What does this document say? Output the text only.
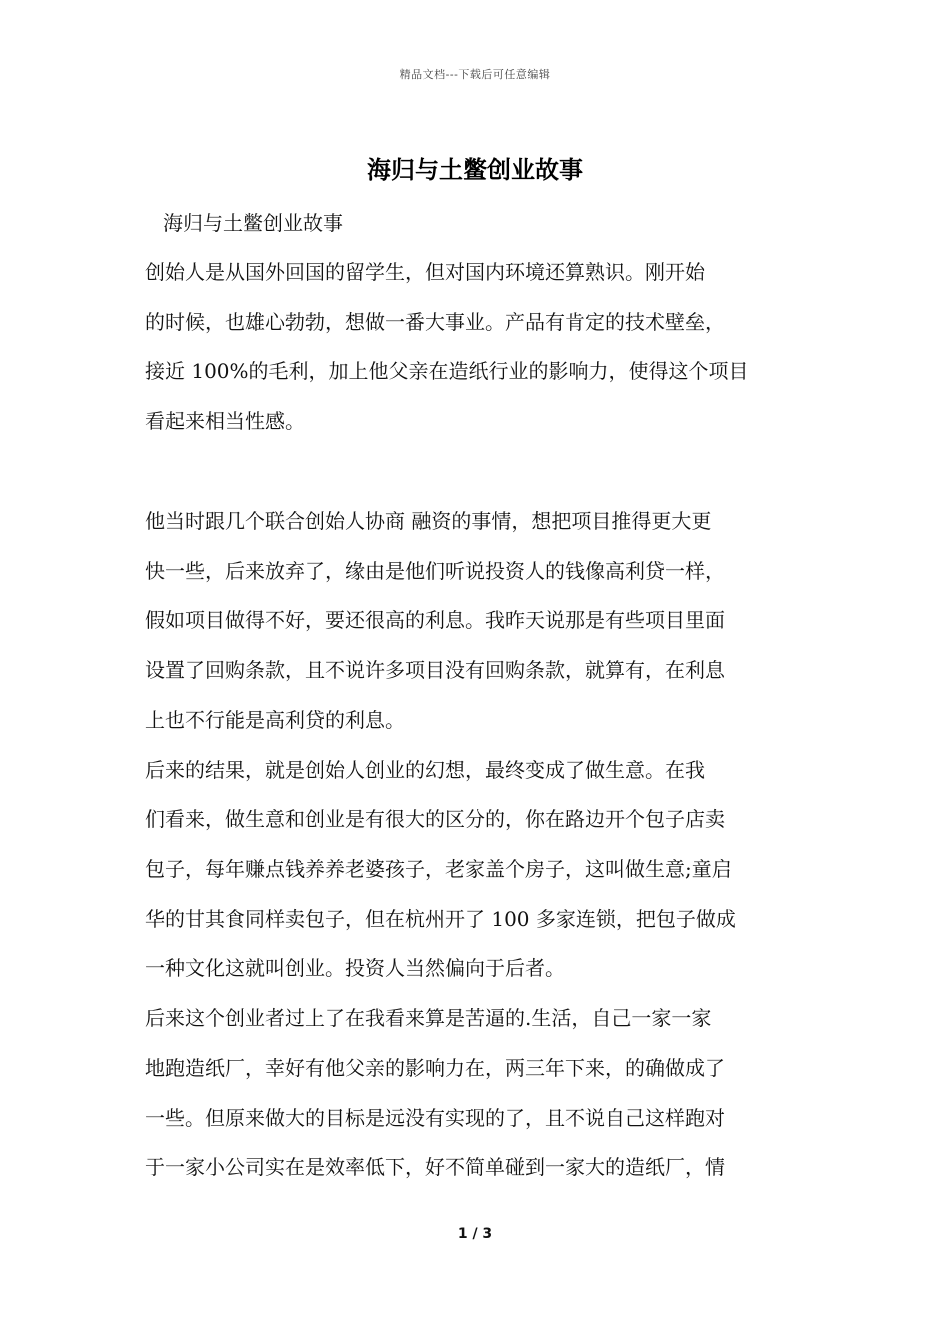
精品文档---下载后可任意编辑
海归与土鳖创业故事
海归与土鳖创业故事
创始人是从国外回国的留学生，但对国内环境还算熟识。刚开始
的时候，也雄心勃勃，想做一番大事业。产品有肯定的技术壁垒，
接近 100%的毛利，加上他父亲在造纸行业的影响力，使得这个项目
看起来相当性感。
他当时跟几个联合创始人协商 融资的事情，想把项目推得更大更
快一些，后来放弃了，缘由是他们听说投资人的钱像高利贷一样，
假如项目做得不好，要还很高的利息。我昨天说那是有些项目里面
设置了回购条款，且不说许多项目没有回购条款，就算有，在利息
上也不行能是高利贷的利息。
后来的结果，就是创始人创业的幻想，最终变成了做生意。在我
们看来，做生意和创业是有很大的区分的，你在路边开个包子店卖
包子，每年赚点钱养养老婆孩子，老家盖个房子，这叫做生意;童启
华的甘其食同样卖包子，但在杭州开了 100 多家连锁，把包子做成
一种文化这就叫创业。投资人当然偏向于后者。
后来这个创业者过上了在我看来算是苦逼的.生活，自己一家一家
地跑造纸厂，幸好有他父亲的影响力在，两三年下来，的确做成了
一些。但原来做大的目标是远没有实现的了，且不说自己这样跑对
于一家小公司实在是效率低下，好不简单碰到一家大的造纸厂，情
1 / 3
